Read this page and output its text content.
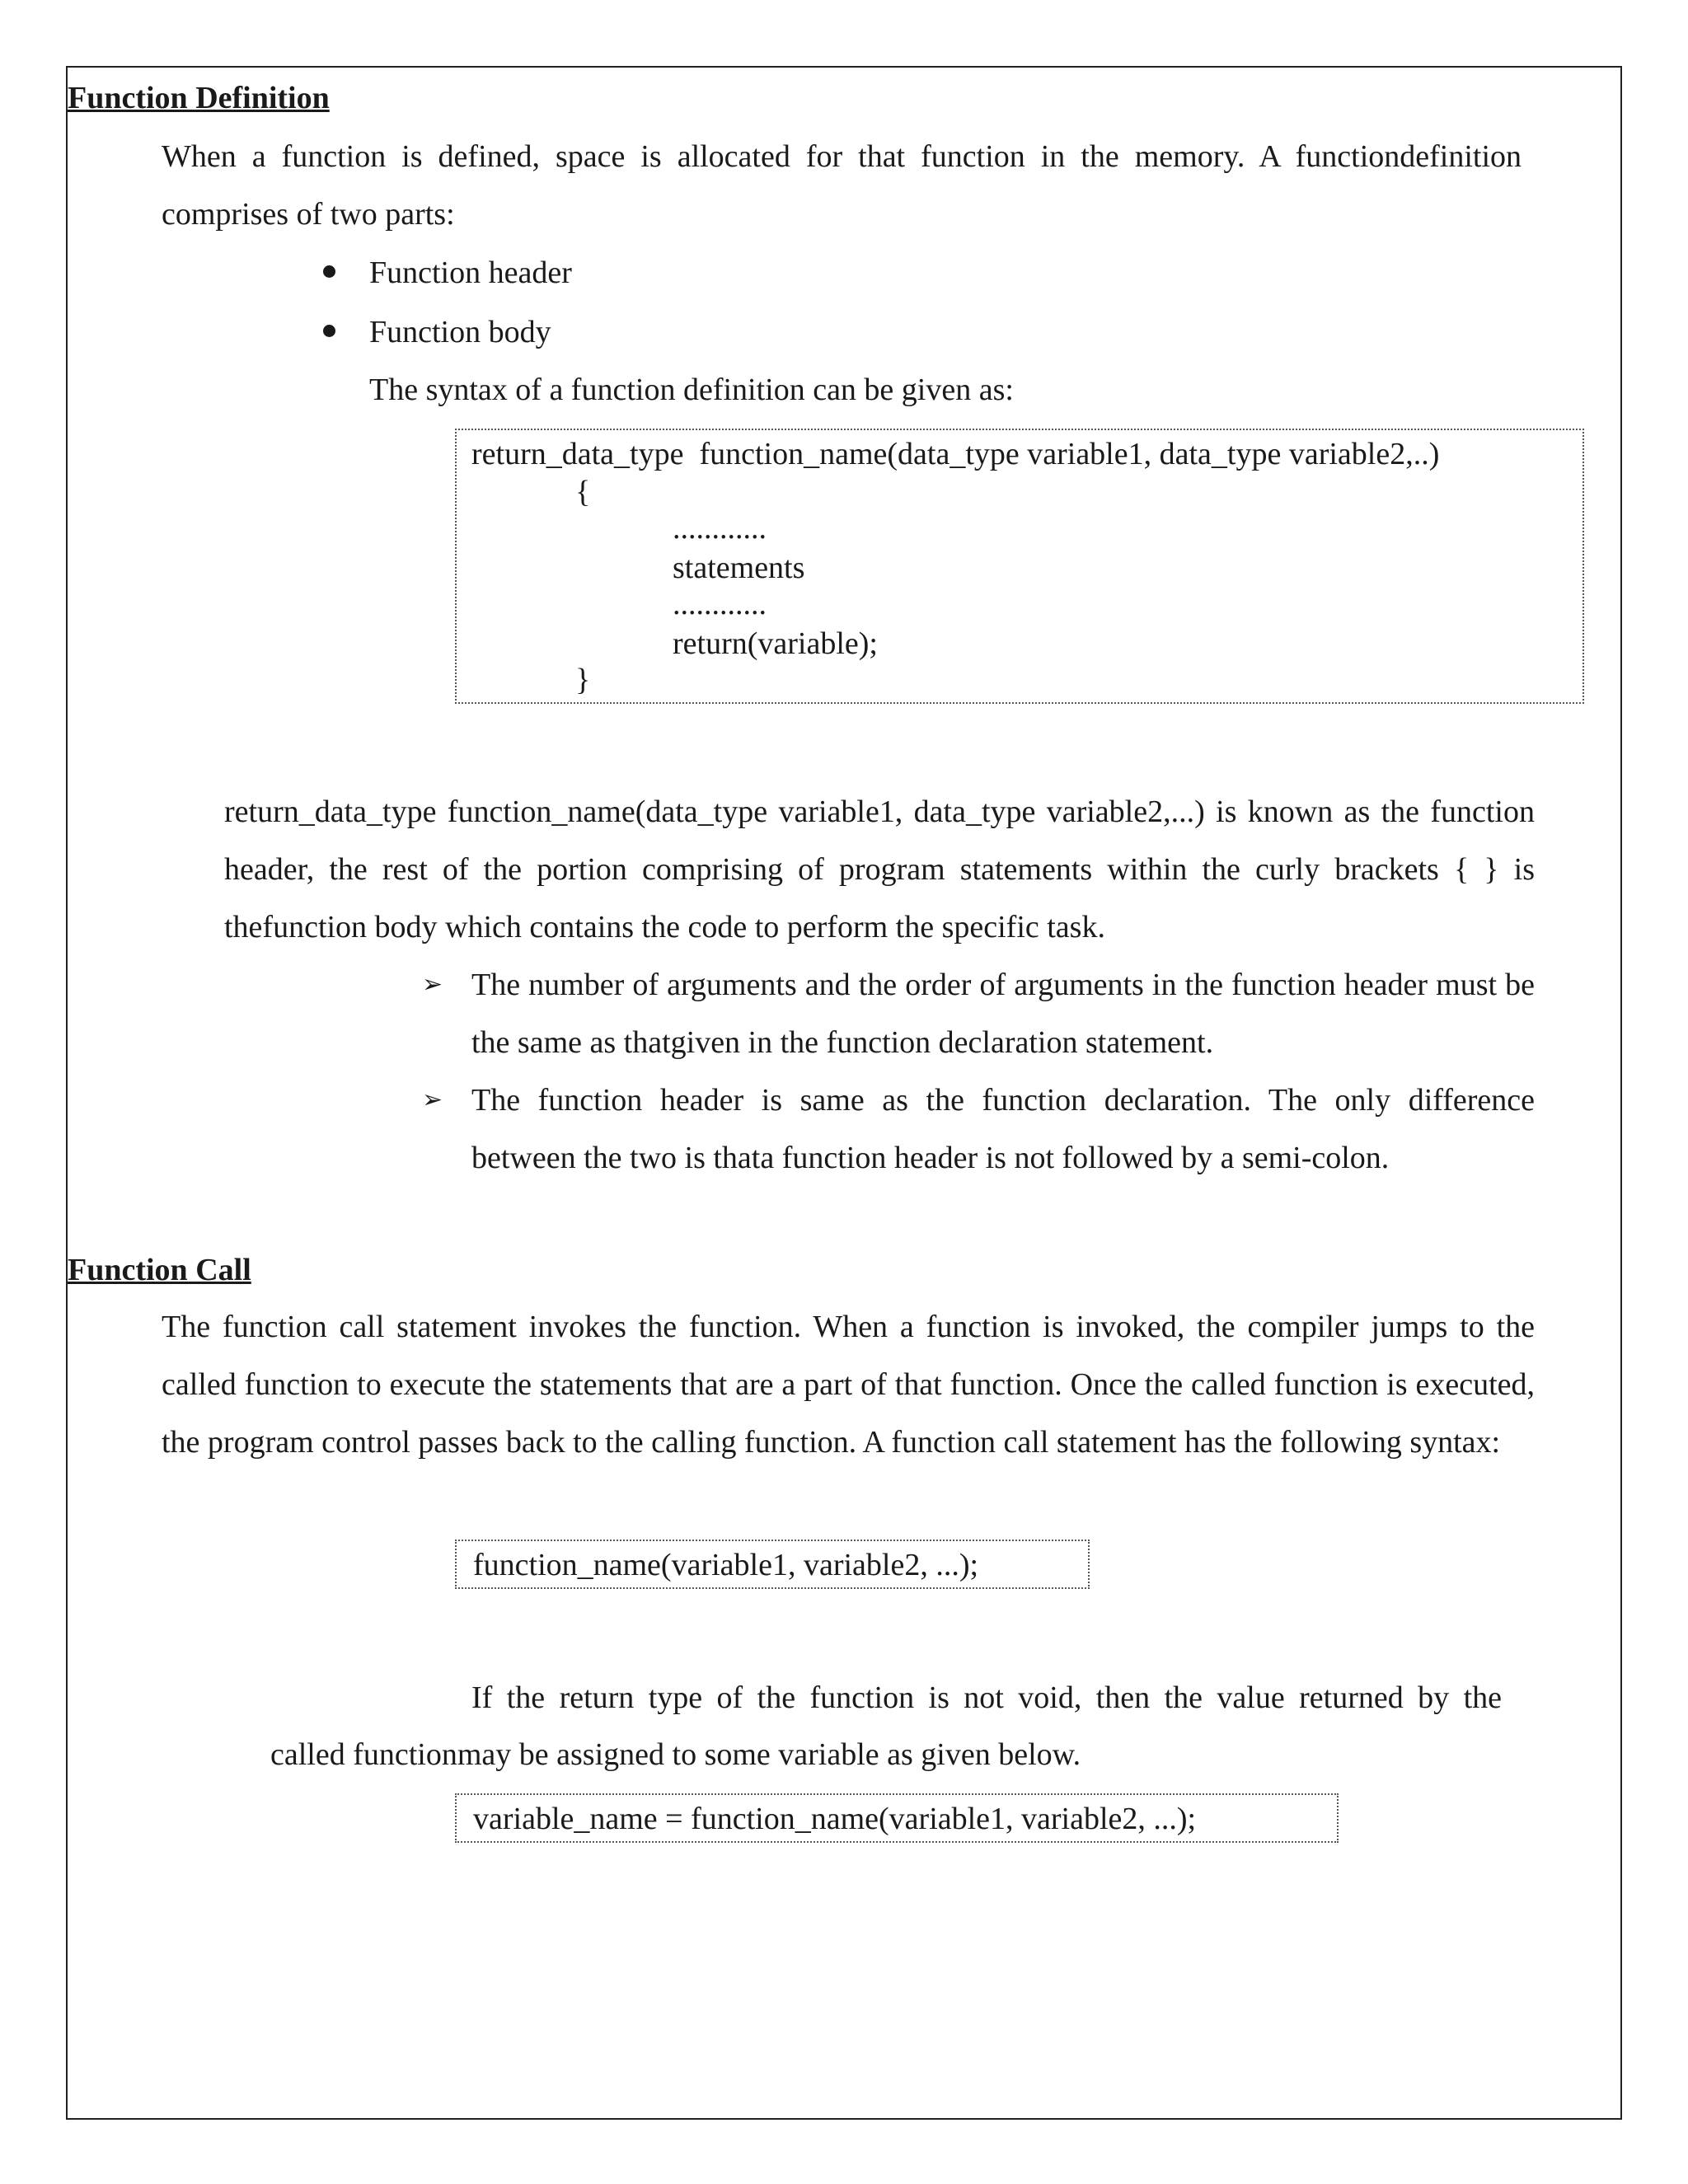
Function Definition

When a function is defined, space is allocated for that function in the memory. A functiondefinition

comprises of two parts:

Function header
Function body

The syntax of a function definition can be given as:

return_data_type  function_name(data_type variable1, data_type variable2,..)
{
............
statements
............
return(variable);
}

return_data_type function_name(data_type variable1, data_type variable2,...) is known as the function header, the rest of the portion comprising of program statements within the curly brackets { } is thefunction body which contains the code to perform the specific task.

➢ The number of arguments and the order of arguments in the function header must be the same as thatgiven in the function declaration statement.
➢ The function header is same as the function declaration. The only difference between the two is thata function header is not followed by a semi-colon.
Function Call

The function call statement invokes the function. When a function is invoked, the compiler jumps to the called function to execute the statements that are a part of that function. Once the called function is executed, the program control passes back to the calling function. A function call statement has the following syntax:

function_name(variable1, variable2, ...);

If the return type of the function is not void, then the value returned by the

called functionmay be assigned to some variable as given below.

variable_name = function_name(variable1, variable2, ...);
